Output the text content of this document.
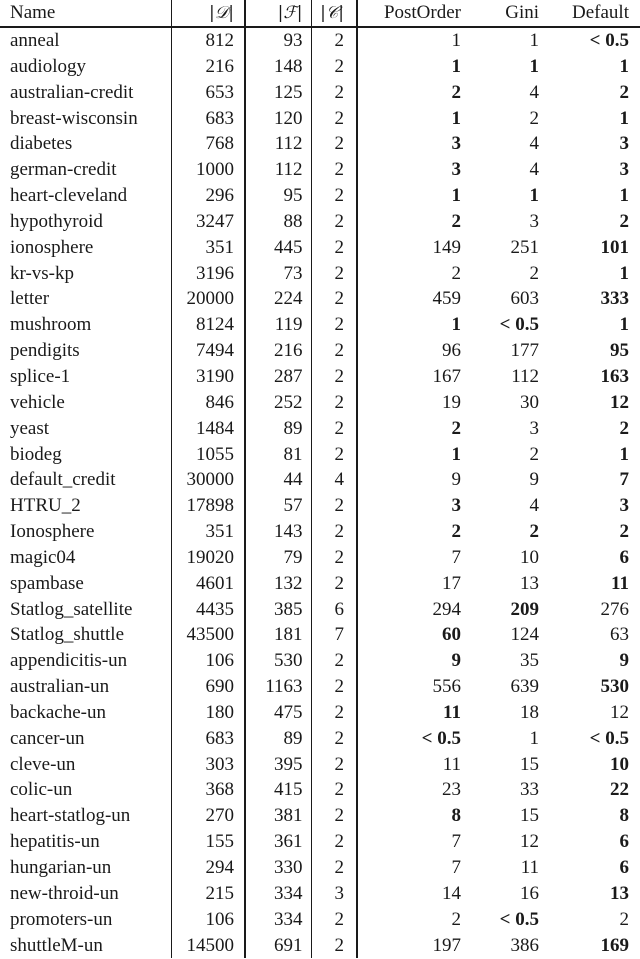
Name	|𝒟|	|ℱ|	|𝒞|	PostOrder	Gini	Default
anneal	812	93	2	1	1	< 0.5
audiology	216	148	2	1	1	1
australian-credit	653	125	2	2	4	2
breast-wisconsin	683	120	2	1	2	1
diabetes	768	112	2	3	4	3
german-credit	1000	112	2	3	4	3
heart-cleveland	296	95	2	1	1	1
hypothyroid	3247	88	2	2	3	2
ionosphere	351	445	2	149	251	101
kr-vs-kp	3196	73	2	2	2	1
letter	20000	224	2	459	603	333
mushroom	8124	119	2	1	< 0.5	1
pendigits	7494	216	2	96	177	95
splice-1	3190	287	2	167	112	163
vehicle	846	252	2	19	30	12
yeast	1484	89	2	2	3	2
biodeg	1055	81	2	1	2	1
default_credit	30000	44	4	9	9	7
HTRU_2	17898	57	2	3	4	3
Ionosphere	351	143	2	2	2	2
magic04	19020	79	2	7	10	6
spambase	4601	132	2	17	13	11
Statlog_satellite	4435	385	6	294	209	276
Statlog_shuttle	43500	181	7	60	124	63
appendicitis-un	106	530	2	9	35	9
australian-un	690	1163	2	556	639	530
backache-un	180	475	2	11	18	12
cancer-un	683	89	2	< 0.5	1	< 0.5
cleve-un	303	395	2	11	15	10
colic-un	368	415	2	23	33	22
heart-statlog-un	270	381	2	8	15	8
hepatitis-un	155	361	2	7	12	6
hungarian-un	294	330	2	7	11	6
new-throid-un	215	334	3	14	16	13
promoters-un	106	334	2	2	< 0.5	2
shuttleM-un	14500	691	2	197	386	169
